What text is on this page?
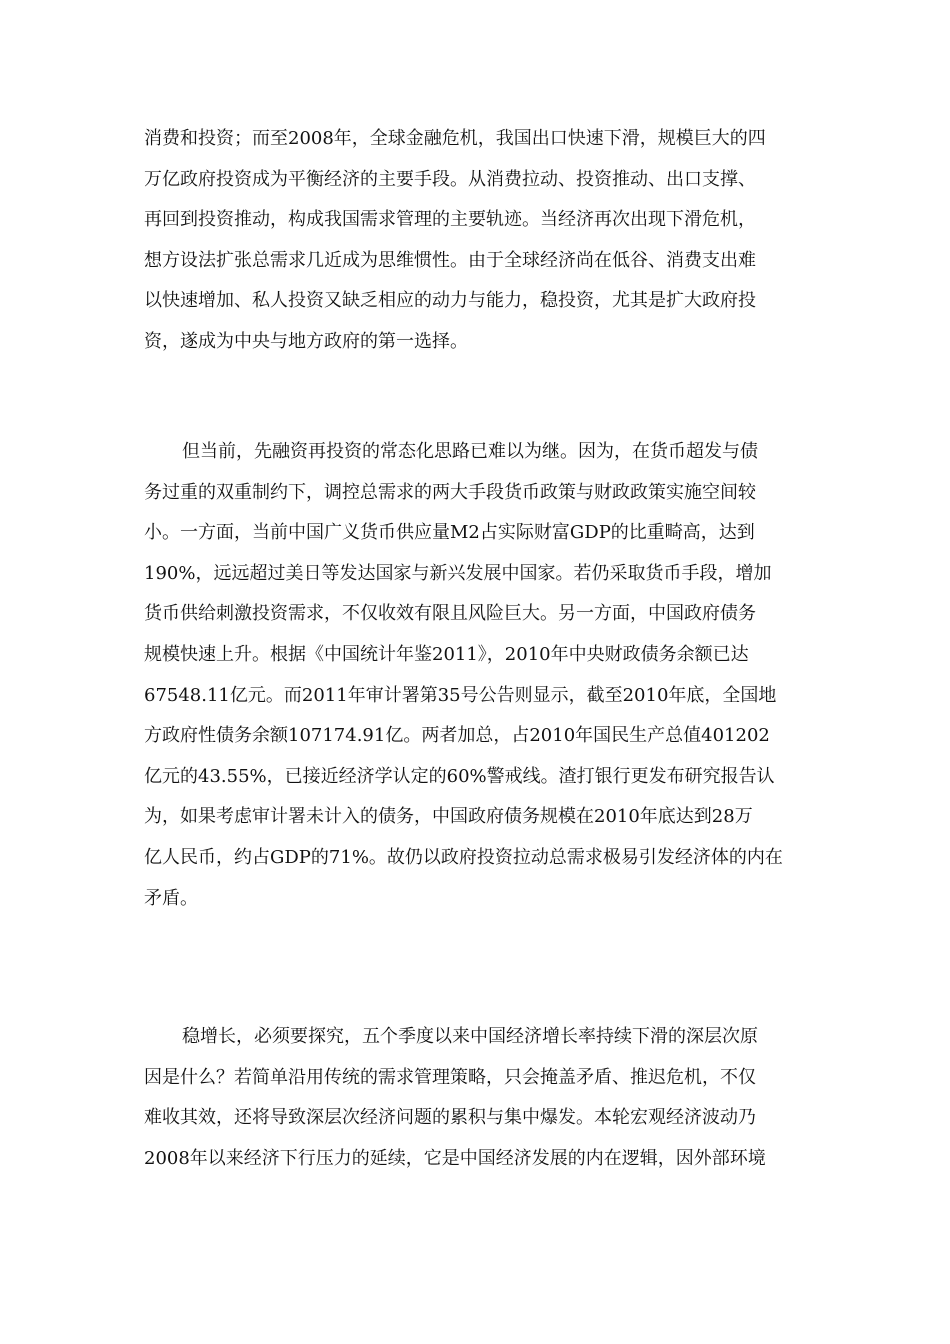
消费和投资；而至2008年，全球金融危机，我国出口快速下滑，规模巨大的四
万亿政府投资成为平衡经济的主要手段。从消费拉动、投资推动、出口支撑、
再回到投资推动，构成我国需求管理的主要轨迹。当经济再次出现下滑危机，
想方设法扩张总需求几近成为思维惯性。由于全球经济尚在低谷、消费支出难
以快速增加、私人投资又缺乏相应的动力与能力，稳投资，尤其是扩大政府投
资，遂成为中央与地方政府的第一选择。
但当前，先融资再投资的常态化思路已难以为继。因为，在货币超发与债
务过重的双重制约下，调控总需求的两大手段货币政策与财政政策实施空间较
小。一方面，当前中国广义货币供应量M2占实际财富GDP的比重畸高，达到
190%，远远超过美日等发达国家与新兴发展中国家。若仍采取货币手段，增加
货币供给刺激投资需求，不仅收效有限且风险巨大。另一方面，中国政府债务
规模快速上升。根据《中国统计年鉴2011》，2010年中央财政债务余额已达
67548.11亿元。而2011年审计署第35号公告则显示，截至2010年底，全国地
方政府性债务余额107174.91亿。两者加总，占2010年国民生产总值401202
亿元的43.55%，已接近经济学认定的60%警戒线。渣打银行更发布研究报告认
为，如果考虑审计署未计入的债务，中国政府债务规模在2010年底达到28万
亿人民币，约占GDP的71%。故仍以政府投资拉动总需求极易引发经济体的内在
矛盾。
稳增长，必须要探究，五个季度以来中国经济增长率持续下滑的深层次原
因是什么？若简单沿用传统的需求管理策略，只会掩盖矛盾、推迟危机，不仅
难收其效，还将导致深层次经济问题的累积与集中爆发。本轮宏观经济波动乃
2008年以来经济下行压力的延续，它是中国经济发展的内在逻辑，因外部环境
